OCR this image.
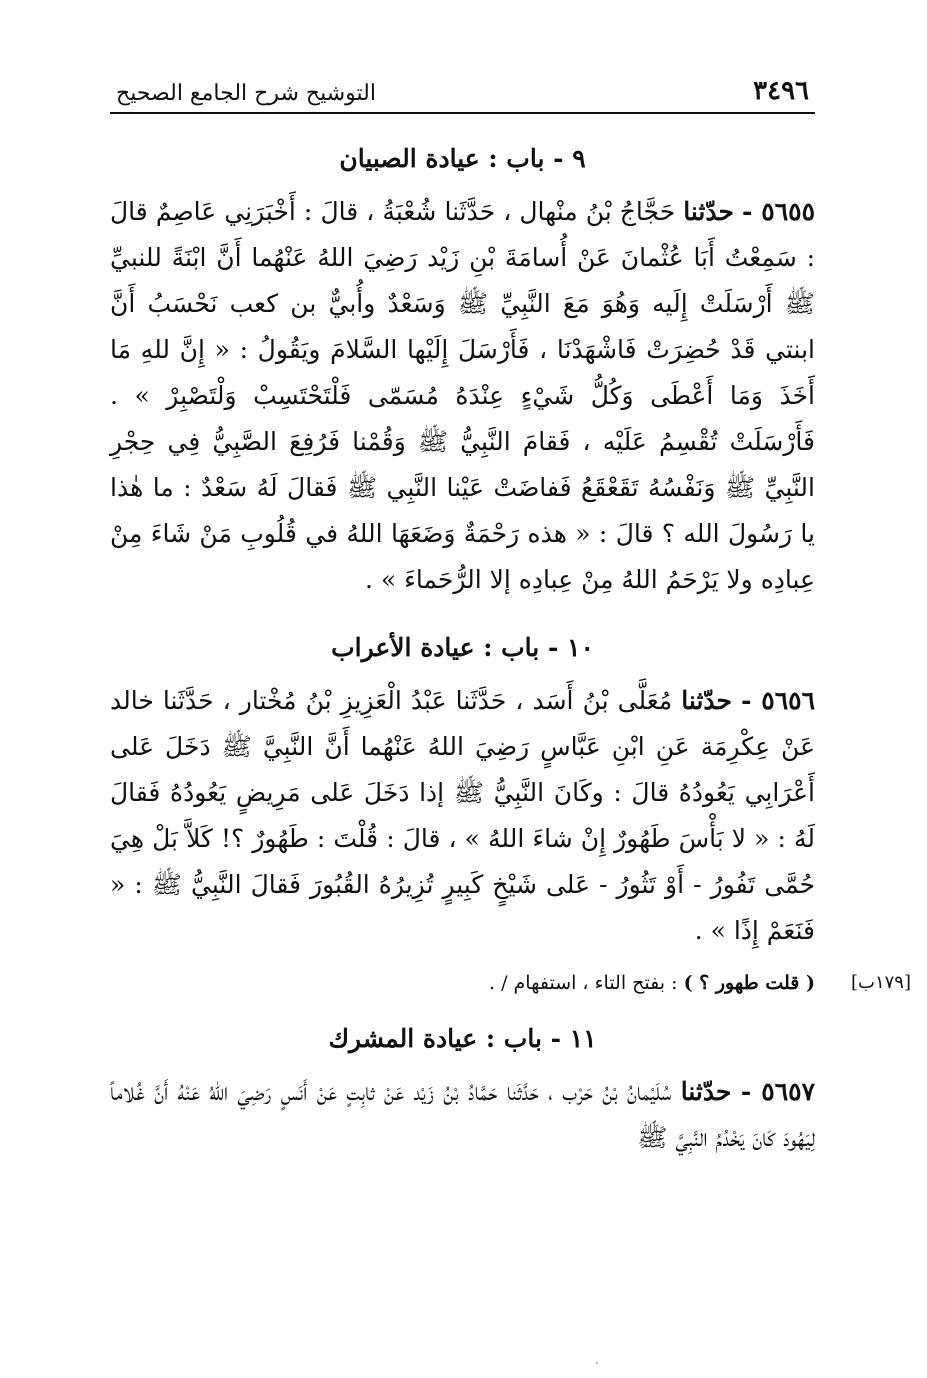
٣٤٩٦
التوشيح شرح الجامع الصحيح
٩ - باب : عيادة الصبيان

٥٦٥٥ - حدّثنا حَجَّاجُ بْنُ منْهال ، حَدَّثَنا شُعْبَةُ ، قالَ : أَخْبَرَنِي عَاصِمٌ قالَ : سَمِعْتُ أَبَا عُثْمانَ عَنْ أُسامَةَ بْنِ زَيْد رَضِيَ اللهُ عَنْهُما أَنَّ ابْنَةً للنبيِّ ﷺ أَرْسَلَتْ إِلَيه وَهُوَ مَعَ النَّبِيِّ ﷺ وَسَعْدٌ وأُبيٌّ بن كعب نَحْسَبُ أَنَّ ابنتي قَدْ حُضِرَتْ فَاشْهَدْنَا ، فَأَرْسَلَ إِلَيْها السَّلامَ ويَقُولُ : « إِنَّ للهِ مَا أَخَذَ وَمَا أَعْطَى وَكُلُّ شَيْءٍ عِنْدَهُ مُسَمّى فَلْتَحْتَسِبْ وَلْتَصْبِرْ » . فَأَرْسَلَتْ تُقْسِمُ عَلَيْه ، فَقامَ النَّبِيُّ ﷺ وَقُمْنا فَرُفِعَ الصَّبِيُّ فِي حِجْرِ النَّبِيِّ ﷺ وَنَفْسُهُ تَقَعْقَعُ فَفاضَتْ عَيْنا النَّبِي ﷺ فَقالَ لَهُ سَعْدٌ : ما هٰذا يا رَسُولَ الله ؟ قالَ : « هذه رَحْمَةٌ وَضَعَهَا اللهُ في قُلُوبِ مَنْ شَاءَ مِنْ عِبادِه ولا يَرْحَمُ اللهُ مِنْ عِبادِه إلا الرُّحَماءَ » .

١٠ - باب : عيادة الأعراب

٥٦٥٦ - حدّثنا مُعَلَّى بْنُ أَسَد ، حَدَّثَنا عَبْدُ الْعَزِيزِ بْنُ مُخْتار ، حَدَّثَنا خالد عَنْ عِكْرِمَة عَنِ ابْنِ عَبَّاسٍ رَضِيَ اللهُ عَنْهُما أَنَّ النَّبِيَّ ﷺ دَخَلَ عَلى أَعْرَابِي يَعُودُهُ قالَ : وكَانَ النَّبِيُّ ﷺ إذا دَخَلَ عَلى مَرِيضٍ يَعُودُهُ فَقالَ لَهُ : « لا بَأْسَ طَهُورٌ إِنْ شاءَ اللهُ » ، قالَ : قُلْتَ : طَهُورٌ ؟! كَلاَّ بَلْ هِيَ حُمَّى تَفُورُ - أَوْ تَثُورُ - عَلى شَيْخٍ كَبِيرٍ تُزِيرُهُ القُبُورَ فَقالَ النَّبِيُّ ﷺ : « فَنَعَمْ إِذًا » .

[١٧٩ب]
( قلت طهور ؟ ) : بفتح التاء ، استفهام / .
١١ - باب : عيادة المشرك

٥٦٥٧ - حدّثنا سُلَيْمانُ بْنُ حَرْب ، حَدَّثَنا حَمَّادُ بْنُ زَيْد عَنْ ثابِتٍ عَنْ أَنَسٍ رَضِيَ اللهُ عَنْهُ أَنَّ غُلاماً لِيَهُودَ كَانَ يَخْدُمُ النَّبِيَّ ﷺ
